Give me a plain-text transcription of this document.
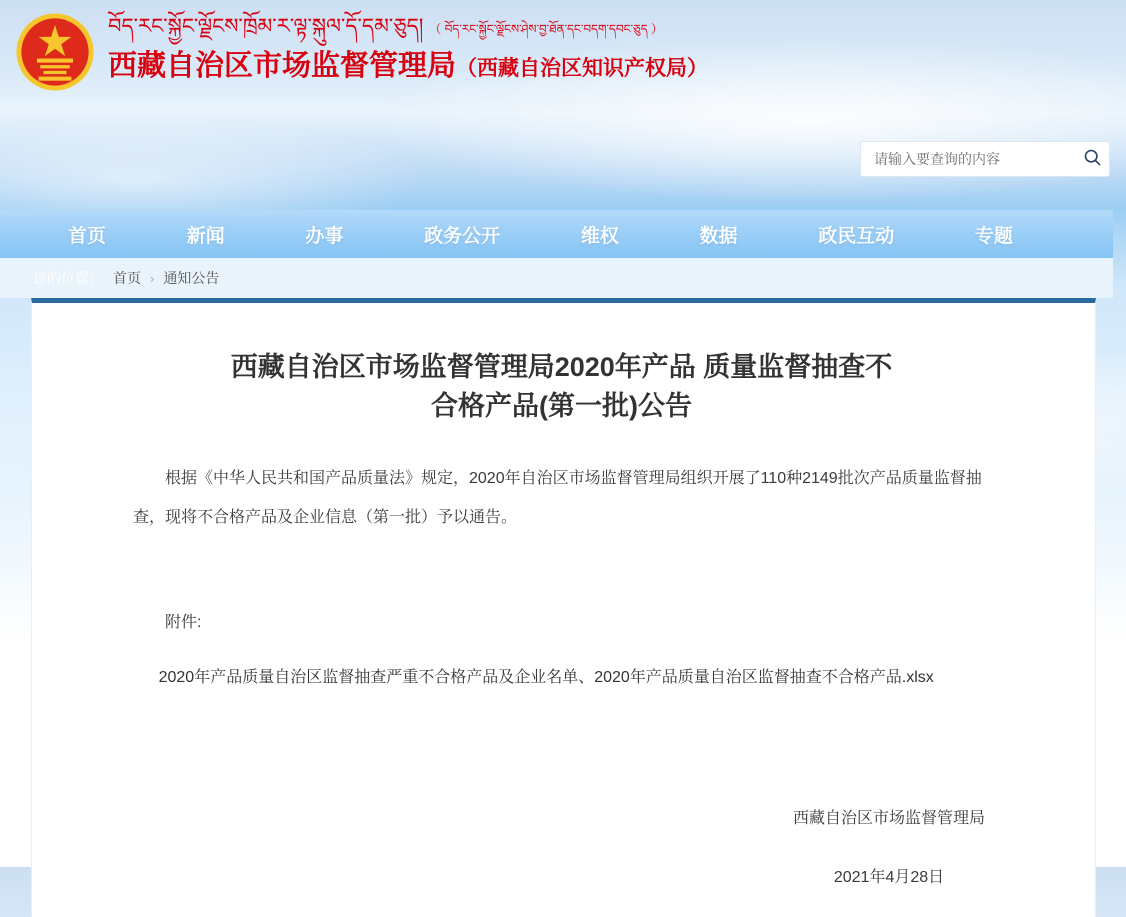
བོད་རང་སྐྱོང་ལྗོངས་ཁྲོམ་ར་ལྟ་སྐུལ་དོ་དམ་ཅུད། （ བོད་རང་སྐྱོང་ལྗོངས་ཤེས་བྱ་ཐོན་དང་བདག་དབང་ཅུད ）
西藏自治区市场监督管理局（西藏自治区知识产权局）
请输入要查询的内容
首页	新闻	办事	政务公开	维权	数据	政民互动	专题
您的位置： 首页 › 通知公告
西藏自治区市场监督管理局2020年产品 质量监督抽查不合格产品(第一批)公告

根据《中华人民共和国产品质量法》规定，2020年自治区市场监督管理局组织开展了110种2149批次产品质量监督抽查，现将不合格产品及企业信息（第一批）予以通告。

附件:

2020年产品质量自治区监督抽查严重不合格产品及企业名单、2020年产品质量自治区监督抽查不合格产品.xlsx

西藏自治区市场监督管理局
2021年4月28日
